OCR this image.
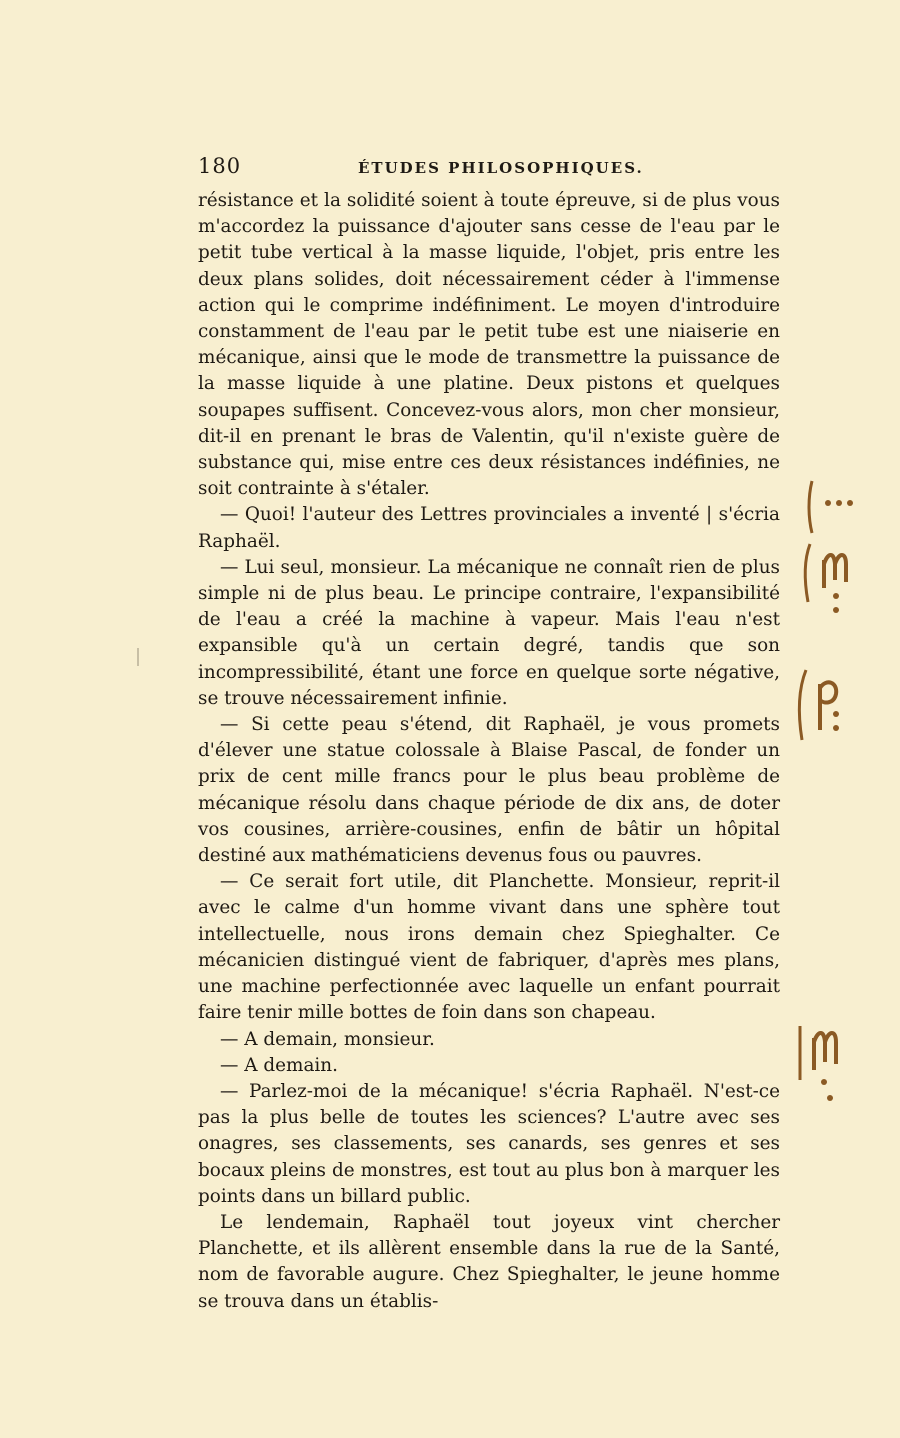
180	ÉTUDES PHILOSOPHIQUES.

résistance et la solidité soient à toute épreuve, si de plus vous m'accordez la puissance d'ajouter sans cesse de l'eau par le petit tube vertical à la masse liquide, l'objet, pris entre les deux plans solides, doit nécessairement céder à l'immense action qui le comprime indéfiniment. Le moyen d'introduire constamment de l'eau par le petit tube est une niaiserie en mécanique, ainsi que le mode de transmettre la puissance de la masse liquide à une platine. Deux pistons et quelques soupapes suffisent. Concevez-vous alors, mon cher monsieur, dit-il en prenant le bras de Valentin, qu'il n'existe guère de substance qui, mise entre ces deux résistances indéfinies, ne soit contrainte à s'étaler.

— Quoi! l'auteur des Lettres provinciales a inventé | s'écria Raphaël.

— Lui seul, monsieur. La mécanique ne connaît rien de plus simple ni de plus beau. Le principe contraire, l'expansibilité de l'eau a créé la machine à vapeur. Mais l'eau n'est expansible qu'à un certain degré, tandis que son incompressibilité, étant une force en quelque sorte négative, se trouve nécessairement infinie.

— Si cette peau s'étend, dit Raphaël, je vous promets d'élever une statue colossale à Blaise Pascal, de fonder un prix de cent mille francs pour le plus beau problème de mécanique résolu dans chaque période de dix ans, de doter vos cousines, arrière-cousines, enfin de bâtir un hôpital destiné aux mathématiciens devenus fous ou pauvres.

— Ce serait fort utile, dit Planchette. Monsieur, reprit-il avec le calme d'un homme vivant dans une sphère tout intellectuelle, nous irons demain chez Spieghalter. Ce mécanicien distingué vient de fabriquer, d'après mes plans, une machine perfectionnée avec laquelle un enfant pourrait faire tenir mille bottes de foin dans son chapeau.

— A demain, monsieur.

— A demain.

— Parlez-moi de la mécanique! s'écria Raphaël. N'est-ce pas la plus belle de toutes les sciences? L'autre avec ses onagres, ses classements, ses canards, ses genres et ses bocaux pleins de monstres, est tout au plus bon à marquer les points dans un billard public.

Le lendemain, Raphaël tout joyeux vint chercher Planchette, et ils allèrent ensemble dans la rue de la Santé, nom de favorable augure. Chez Spieghalter, le jeune homme se trouva dans un établis-
